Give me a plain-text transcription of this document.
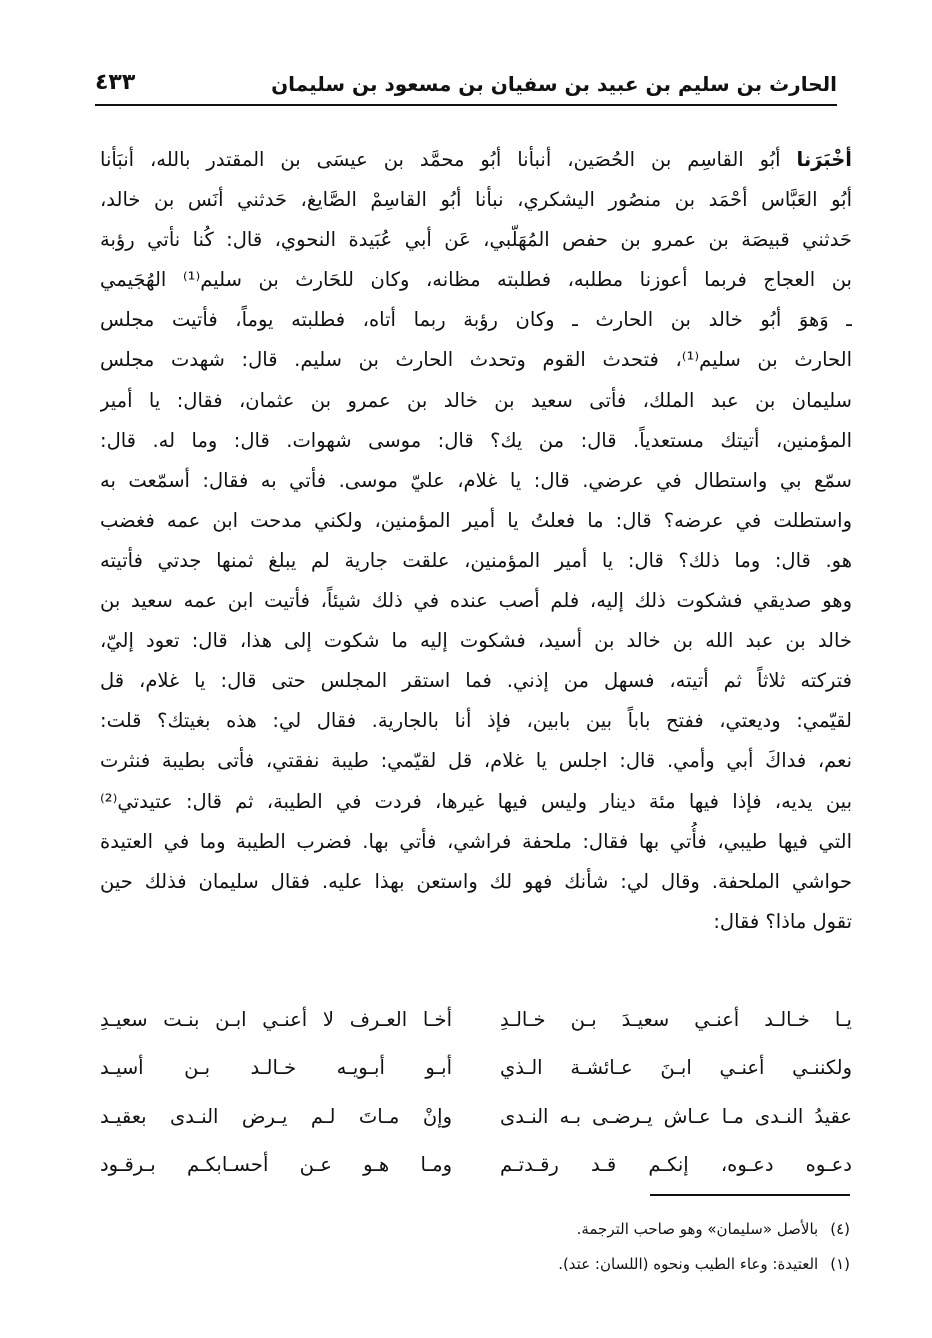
الحارث بن سليم بن عبيد بن سفيان بن مسعود بن سليمان
٤٣٣
أخْبَرَنا أبُو القاسِم بن الحُصَين، أنبأنا أبُو محمَّد بن عيسَى بن المقتدر بالله، أنبَأنا
أبُو العَبَّاس أحْمَد بن منصُور اليشكري، نبأنا أبُو القاسِمْ الصَّايغ، حَدثني أنَس بن خالد،
حَدثني قبيصَة بن عمرو بن حفص المُهَلّبي، عَن أبي عُبَيدة النحوي، قال: كُنا نأتي رؤبة
بن العجاج فربما أعوزنا مطلبه، فطلبته مظانه، وكان للحَارث بن سليم⁽¹⁾ الهُجَيمي
ـ وَهوَ أبُو خالد بن الحارث ـ وكان رؤبة ربما أتاه، فطلبته يوماً، فأتيت مجلس
الحارث بن سليم⁽¹⁾، فتحدث القوم وتحدث الحارث بن سليم. قال: شهدت مجلس
سليمان بن عبد الملك، فأتى سعيد بن خالد بن عمرو بن عثمان، فقال: يا أمير
المؤمنين، أتيتك مستعدياً. قال: من يك؟ قال: موسى شهوات. قال: وما له. قال:
سمّع بي واستطال في عرضي. قال: يا غلام، عليّ موسى. فأتي به فقال: أسمّعت به
واستطلت في عرضه؟ قال: ما فعلتُ يا أمير المؤمنين، ولكني مدحت ابن عمه فغضب
هو. قال: وما ذلك؟ قال: يا أمير المؤمنين، علقت جارية لم يبلغ ثمنها جدتي فأتيته
وهو صديقي فشكوت ذلك إليه، فلم أصب عنده في ذلك شيئاً، فأتيت ابن عمه سعيد بن
خالد بن عبد الله بن خالد بن أسيد، فشكوت إليه ما شكوت إلى هذا، قال: تعود إليّ،
فتركته ثلاثاً ثم أتيته، فسهل من إذني. فما استقر المجلس حتى قال: يا غلام، قل
لقيّمي: وديعتي، ففتح باباً بين بابين، فإذ أنا بالجارية. فقال لي: هذه بغيتك؟ قلت:
نعم، فداكَ أبي وأمي. قال: اجلس يا غلام، قل لقيّمي: طيبة نفقتي، فأتى بطيبة فنثرت
بين يديه، فإذا فيها مئة دينار وليس فيها غيرها، فردت في الطيبة، ثم قال: عتيدتي⁽²⁾
التي فيها طيبي، فأُتي بها فقال: ملحفة فراشي، فأتي بها. فضرب الطيبة وما في العتيدة
حواشي الملحفة. وقال لي: شأنك فهو لك واستعن بهذا عليه. فقال سليمان فذلك حين
تقول ماذا؟ فقال:
يـا خـالـد أعنـي سعيـدَ بـن خـالـدِ
أخـا العـرف لا أعنـي ابـن بنـت سعيـدِ
ولكننـي أعنـي ابـنَ عـائشـة الـذي
أبـو أبـويـه خـالـد بـن أسيـد
عقيدُ النـدى مـا عـاش يـرضـى بـه النـدى
وإنْ مـاتَ لـم يـرض النـدى بعقيـد
دعـوه دعـوه، إنكـم قـد رقـدتـم
ومـا هـو عـن أحسـابكـم بـرقـود
(٤)بالأصل «سليمان» وهو صاحب الترجمة.
(١)العتيدة: وعاء الطيب ونحوه (اللسان: عتد).
